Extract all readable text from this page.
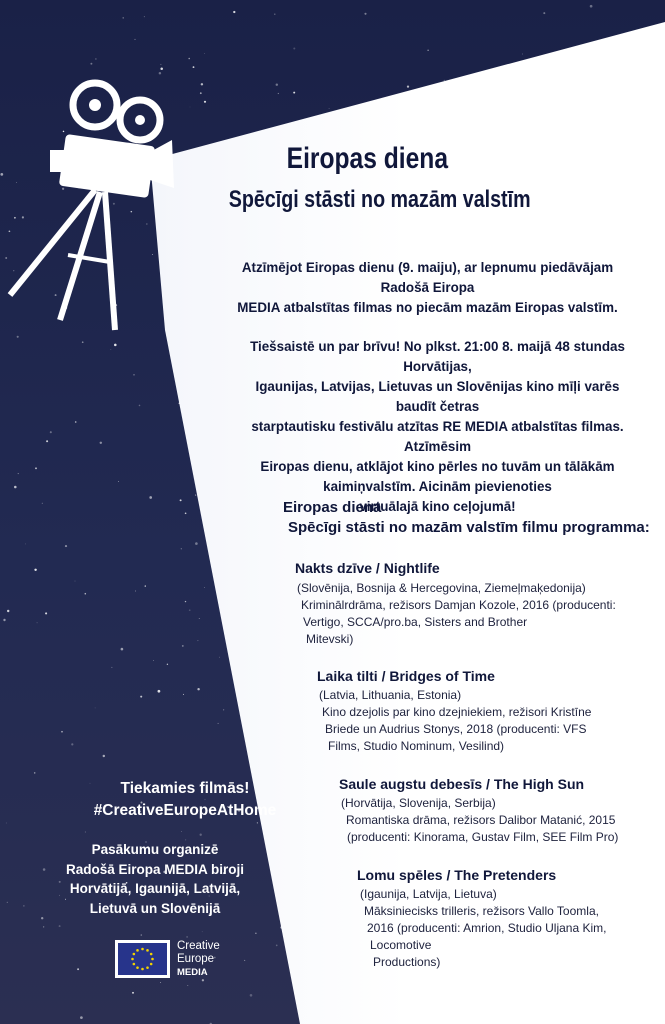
Eiropas diena
Spēcīgi stāsti no mazām valstīm
Atzīmējot Eiropas dienu (9. maiju), ar lepnumu piedāvājam Radošā Eiropa
MEDIA atbalstītas filmas no piecām mazām Eiropas valstīm.
Tiešsaistē un par brīvu! No plkst. 21:00 8. maijā 48 stundas Horvātijas,
Igaunijas, Latvijas, Lietuvas un Slovēnijas kino mīļi varēs baudīt četras
starptautisku festivālu atzītas RE MEDIA atbalstītas filmas. Atzīmēsim
Eiropas dienu, atklājot kino pērles no tuvām un tālākām
kaimiņvalstīm. Aicinām pievienoties
virtuālajā kino ceļojumā!
Eiropas diena
Spēcīgi stāsti no mazām valstīm filmu programma:
Nakts dzīve / Nightlife
(Slovēnija, Bosnija & Hercegovina, Ziemeļmaķedonija)
Kriminālrdrāma, režisors Damjan Kozole, 2016 (producenti:
Vertigo, SCCA/pro.ba, Sisters and Brother
Mitevski)
Laika tilti / Bridges of Time
(Latvia, Lithuania, Estonia)
Kino dzejolis par kino dzejniekiem, režisori Kristīne
Briede un Audrius Stonys, 2018 (producenti: VFS
Films, Studio Nominum, Vesilind)
Saule augstu debesīs / The High Sun
(Horvātija, Slovenija, Serbija)
Romantiska drāma, režisors Dalibor Matanić, 2015
(producenti: Kinorama, Gustav Film, SEE Film Pro)
Lomu spēles / The Pretenders
(Igaunija, Latvija, Lietuva)
Māksiniecisks trilleris, režisors Vallo Toomla,
2016 (producenti: Amrion, Studio Uljana Kim,
Locomotive
Productions)
Tiekamies filmās!
#CreativeEuropeAtHome
Pasākumu organizē
Radošā Eiropa MEDIA biroji
Horvātijā, Igaunijā, Latvijā,
Lietuvā un Slovēnijā
Creative
Europe
MEDIA
